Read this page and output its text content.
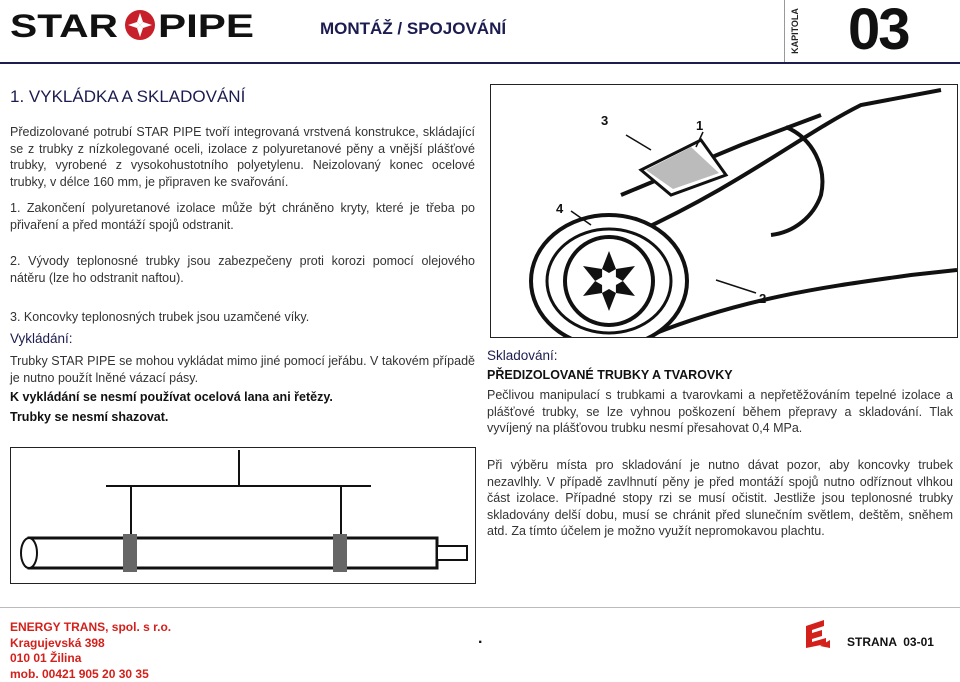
STAR PIPE	MONTÁŽ / SPOJOVÁNÍ	KAPITOLA 03
1. VYKLÁDKA A SKLADOVÁNÍ

Předizolované potrubí STAR PIPE tvoří integrovaná vrstvená konstrukce, skládající se z trubky z nízkolegované oceli, izolace z polyuretanové pěny a vnější plášťové trubky, vyrobené z vysokohustotního polyetylenu. Neizolovaný konec ocelové trubky, v délce 160 mm, je připraven ke svařování.

1. Zakončení polyuretanové izolace může být chráněno kryty, které je třeba po přivaření a před montáží spojů odstranit.

2. Vývody teplonosné trubky jsou zabezpečeny proti korozi pomocí olejového nátěru (lze ho odstranit naftou).

3. Koncovky teplonosných trubek jsou uzamčené víky.

Vykládání:

Trubky STAR PIPE se mohou vykládat mimo jiné pomocí jeřábu. V takovém případě je nutno použít lněné vázací pásy.

K vykládání se nesmí používat ocelová lana ani řetězy.

Trubky se nesmí shazovat.

3	1
4
2
Skladování:
PŘEDIZOLOVANÉ TRUBKY A TVAROVKY

Pečlivou manipulací s trubkami a tvarovkami a nepřetěžováním tepelné izolace a plášťové trubky, se lze vyhnou poškození během přepravy a skladování. Tlak vyvíjený na plášťovou trubku nesmí přesahovat 0,4 MPa.

Při výběru místa pro skladování je nutno dávat pozor, aby koncovky trubek nezavlhly. V případě zavlhnutí pěny je před montáží spojů nutno odříznout vlhkou část izolace. Případné stopy rzi se musí očistit. Jestliže jsou teplonosné trubky skladovány delší dobu, musí se chránit před slunečním světlem, deštěm, sněhem atd. Za tímto účelem je možno využít nepromokavou plachtu.

ENERGY TRANS, spol. s r.o.
Kragujevská 398
010 01 Žilina
mob. 00421 905 20 30 35
.	STRANA  03-01
